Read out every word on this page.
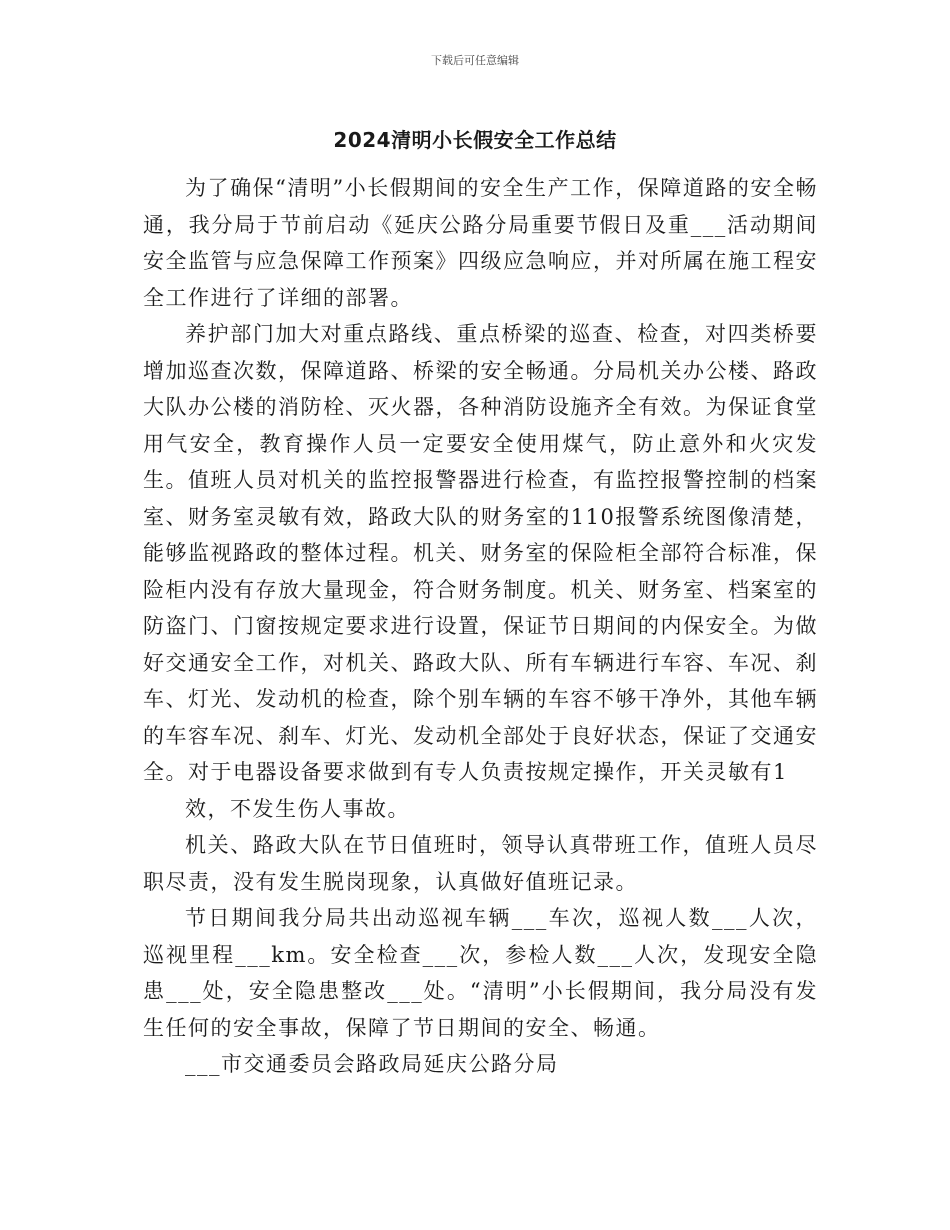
下载后可任意编辑
2024清明小长假安全工作总结

为了确保“清明”小长假期间的安全生产工作，保障道路的安全畅通，我分局于节前启动《延庆公路分局重要节假日及重___活动期间安全监管与应急保障工作预案》四级应急响应，并对所属在施工程安全工作进行了详细的部署。

养护部门加大对重点路线、重点桥梁的巡查、检查，对四类桥要增加巡查次数，保障道路、桥梁的安全畅通。分局机关办公楼、路政大队办公楼的消防栓、灭火器，各种消防设施齐全有效。为保证食堂用气安全，教育操作人员一定要安全使用煤气，防止意外和火灾发生。值班人员对机关的监控报警器进行检查，有监控报警控制的档案室、财务室灵敏有效，路政大队的财务室的110报警系统图像清楚，能够监视路政的整体过程。机关、财务室的保险柜全部符合标准，保险柜内没有存放大量现金，符合财务制度。机关、财务室、档案室的防盗门、门窗按规定要求进行设置，保证节日期间的内保安全。为做好交通安全工作，对机关、路政大队、所有车辆进行车容、车况、刹车、灯光、发动机的检查，除个别车辆的车容不够干净外，其他车辆的车容车况、刹车、灯光、发动机全部处于良好状态，保证了交通安全。对于电器设备要求做到有专人负责按规定操作，开关灵敏有1

效，不发生伤人事故。

机关、路政大队在节日值班时，领导认真带班工作，值班人员尽职尽责，没有发生脱岗现象，认真做好值班记录。

节日期间我分局共出动巡视车辆___车次，巡视人数___人次，巡视里程___km。安全检查___次，参检人数___人次，发现安全隐患___处，安全隐患整改___处。“清明”小长假期间，我分局没有发生任何的安全事故，保障了节日期间的安全、畅通。

___市交通委员会路政局延庆公路分局
